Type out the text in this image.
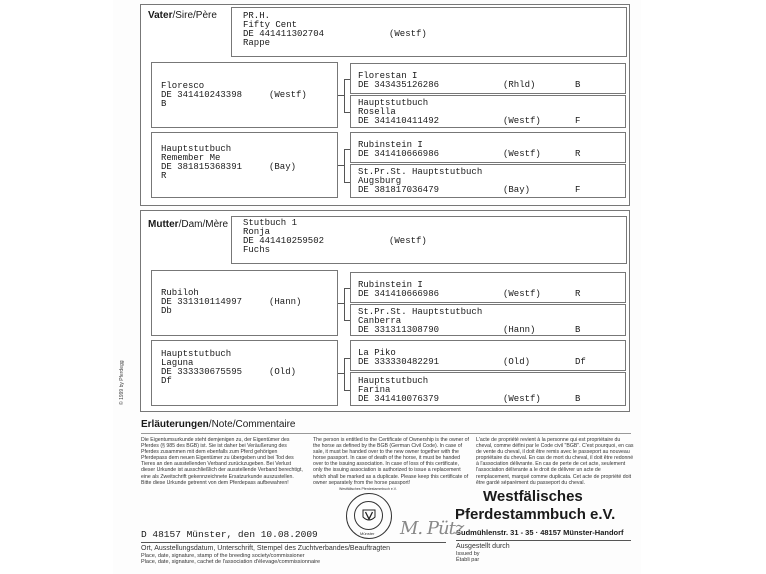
Vater/Sire/Père	PR.H.
Fifty Cent
DE 441411302704	(Westf)
Rappe
Floresco
DE 341410243398	(Westf)
B
Hauptstutbuch
Remember Me
DE 381815368391	(Bay)
R
Florestan I
DE 343435126286	(Rhld)	B
Hauptstutbuch
Rosella
DE 341410411492	(Westf)	F
Rubinstein I
DE 341410666986	(Westf)	R
St.Pr.St. Hauptstutbuch
Augsburg
DE 381817036479	(Bay)	F
Mutter/Dam/Mère Stutbuch 1
Ronja
DE 441410259502	(Westf)
Fuchs
Rubiloh
DE 331310114997	(Hann)
Db
Hauptstutbuch
Laguna
DE 333330675595	(Old)
Df
Rubinstein I
DE 341410666986	(Westf)	R
St.Pr.St. Hauptstutbuch
Canberra
DE 331311308790	(Hann)	B
La Piko
DE 333330482291	(Old)	Df
Hauptstutbuch
Farina
DE 341410076379	(Westf)	B
© 1999 by Pferdegg
Erläuterungen/Note/Commentaire
Die Eigentumsurkunde steht demjenigen zu, der Eigentümer des Pferdes (§ 985 des BGB) ist. Sie ist daher bei Veräußerung des Pferdes zusammen mit dem ebenfalls zum Pferd gehörigen Pferdepass dem neuen Eigentümer zu übergeben und bei Tod des Tieres an den ausstellenden Verband zurückzugeben. Bei Verlust dieser Urkunde ist ausschließlich der ausstellende Verband berechtigt, eine als Zweitschrift gekennzeichnete Ersatzurkunde auszustellen. Bitte diese Urkunde getrennt von dem Pferdepass aufbewahren!
The person is entitled to the Certificate of Ownership is the owner of the horse as defined by the BGB (German Civil Code). In case of sale, it must be handed over to the new owner together with the horse passport. In case of death of the horse, it must be handed over to the issuing association. In case of loss of this certificate, only the issuing association is authorized to issue a replacement which shall be marked as a duplicate. Please keep this certificate of owner separately from the horse passport!
L'acte de propriété revient à la personne qui est propriétaire du cheval, comme défini par le Code civil "BGB". C'est pourquoi, en cas de vente du cheval, il doit être remis avec le passeport au nouveau propriétaire du cheval. En cas de mort du cheval, il doit être redonné à l'association délivrante. En cas de perte de cet acte, seulement l'association délivrante a le droit de délivrer un acte de remplacement, marqué comme duplicata. Cet acte de propriété doit être gardé séparément du passeport du cheval.
Westfälisches
Pferdestammbuch e.V.
Sudmühlenstr. 31 - 35 · 48157 Münster-Handorf
Westfälisches Pferdestammbuch e.V.
Münster
D 48157 Münster, den 10.08.2009	M. Pütz
Ort, Ausstellungsdatum, Unterschrift, Stempel des Zuchtverbandes/Beauftragten
Place, date, signature, stamp of the breeding society/commissioner
Place, date, signature, cachet de l'association d'élevage/commissionnaire
Ausgestellt durch
Issued by
Établi par
